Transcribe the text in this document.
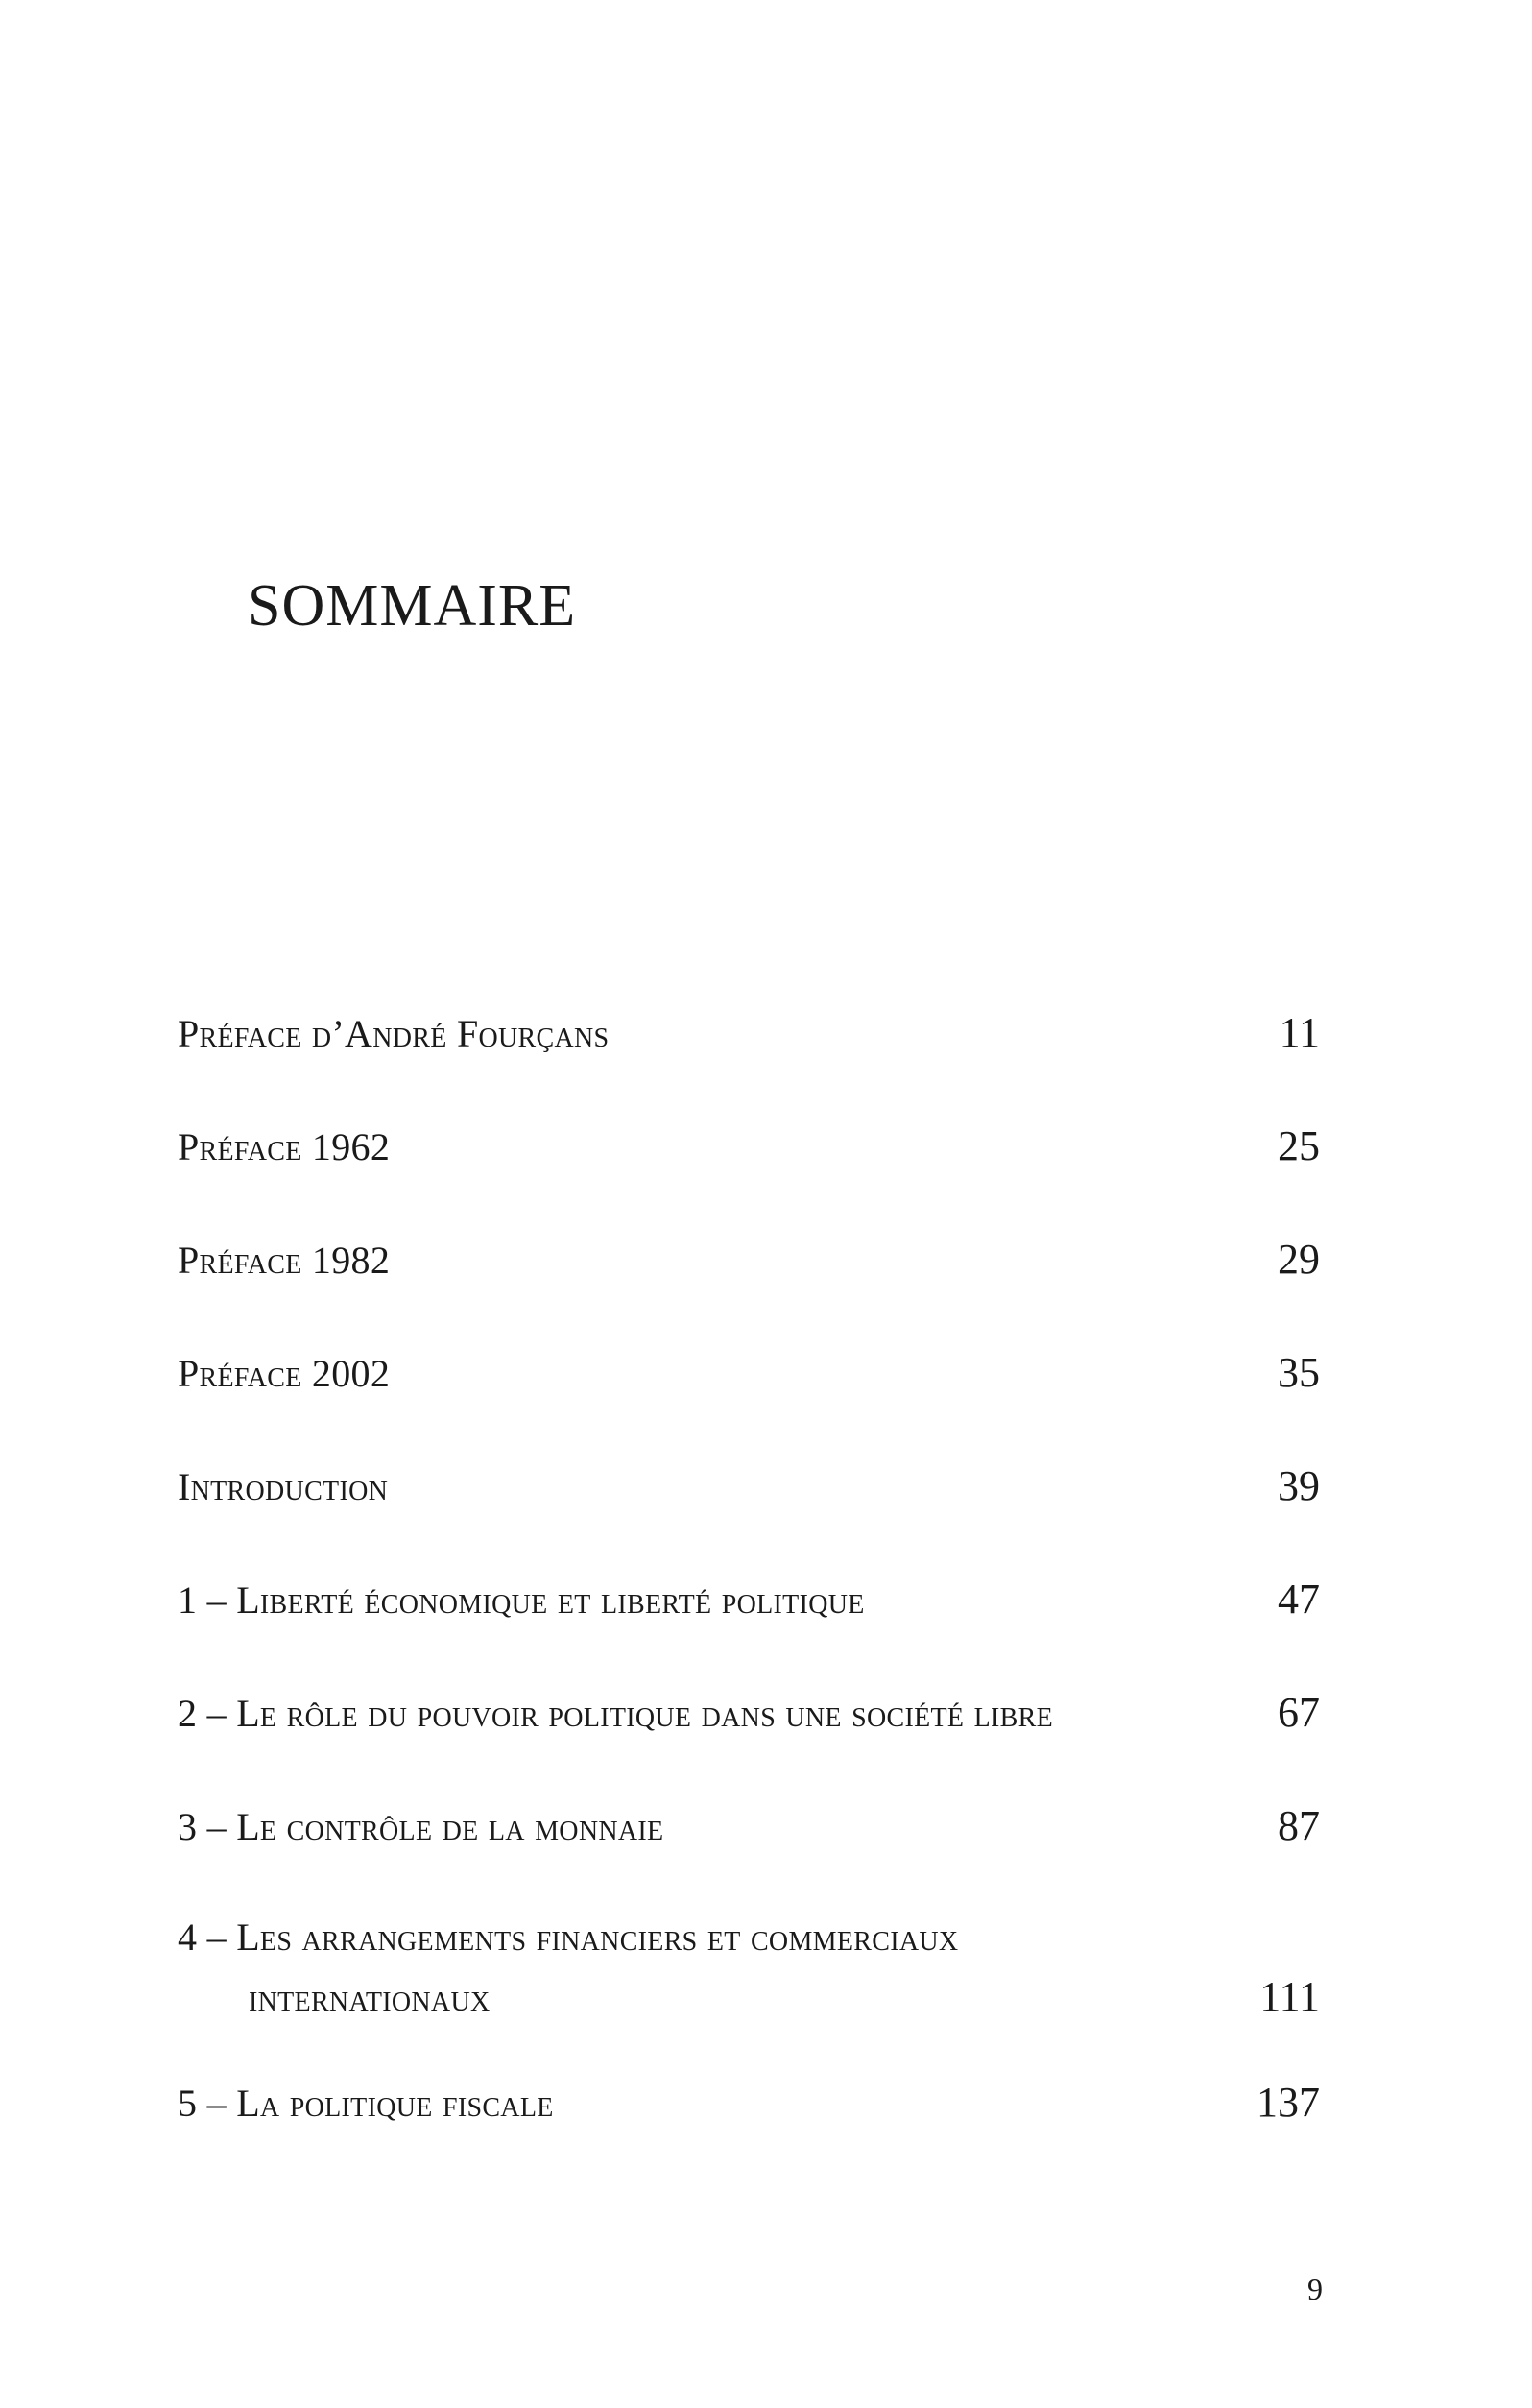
SOMMAIRE
Préface d’André Fourçans	11
Préface 1962	25
Préface 1982	29
Préface 2002	35
Introduction	39
1 – Liberté économique et liberté politique	47
2 – Le rôle du pouvoir politique dans une société libre	67
3 – Le contrôle de la monnaie	87
4 – Les arrangements financiers et commerciaux
internationaux	111
5 – La politique fiscale	137
9
